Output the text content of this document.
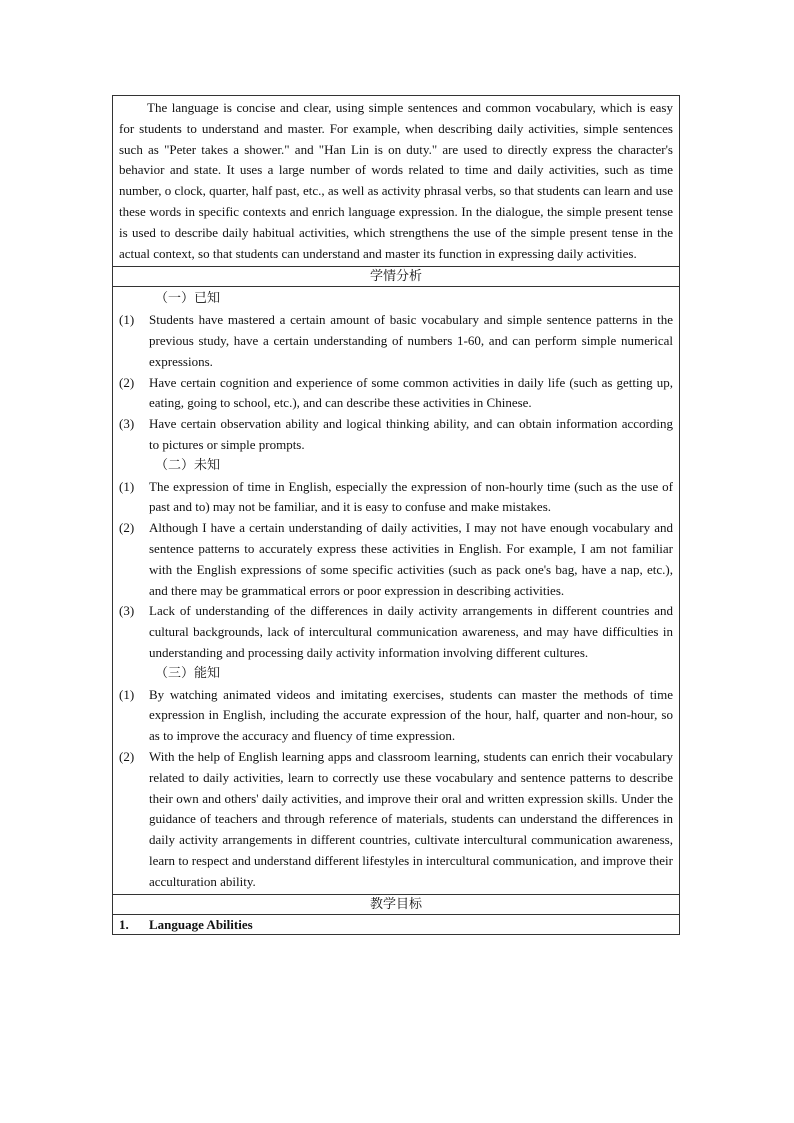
The language is concise and clear, using simple sentences and common vocabulary, which is easy for students to understand and master. For example, when describing daily activities, simple sentences such as "Peter takes a shower." and "Han Lin is on duty." are used to directly express the character's behavior and state. It uses a large number of words related to time and daily activities, such as time number, o clock, quarter, half past, etc., as well as activity phrasal verbs, so that students can learn and use these words in specific contexts and enrich language expression. In the dialogue, the simple present tense is used to describe daily habitual activities, which strengthens the use of the simple present tense in the actual context, so that students can understand and master its function in expressing daily activities.

学情分析
（一）已知
(1)	Students have mastered a certain amount of basic vocabulary and simple sentence patterns in the previous study, have a certain understanding of numbers 1-60, and can perform simple numerical expressions.
(2)	Have certain cognition and experience of some common activities in daily life (such as getting up, eating, going to school, etc.), and can describe these activities in Chinese.
(3)	Have certain observation ability and logical thinking ability, and can obtain information according to pictures or simple prompts.
（二）未知
(1)	The expression of time in English, especially the expression of non-hourly time (such as the use of past and to) may not be familiar, and it is easy to confuse and make mistakes.
(2)	Although I have a certain understanding of daily activities, I may not have enough vocabulary and sentence patterns to accurately express these activities in English. For example, I am not familiar with the English expressions of some specific activities (such as pack one's bag, have a nap, etc.), and there may be grammatical errors or poor expression in describing activities.
(3)	Lack of understanding of the differences in daily activity arrangements in different countries and cultural backgrounds, lack of intercultural communication awareness, and may have difficulties in understanding and processing daily activity information involving different cultures.
（三）能知
(1)	By watching animated videos and imitating exercises, students can master the methods of time expression in English, including the accurate expression of the hour, half, quarter and non-hour, so as to improve the accuracy and fluency of time expression.
(2)	With the help of English learning apps and classroom learning, students can enrich their vocabulary related to daily activities, learn to correctly use these vocabulary and sentence patterns to describe their own and others' daily activities, and improve their oral and written expression skills. Under the guidance of teachers and through reference of materials, students can understand the differences in daily activity arrangements in different countries, cultivate intercultural communication awareness, learn to respect and understand different lifestyles in intercultural communication, and improve their acculturation ability.
教学目标
1.	Language Abilities
